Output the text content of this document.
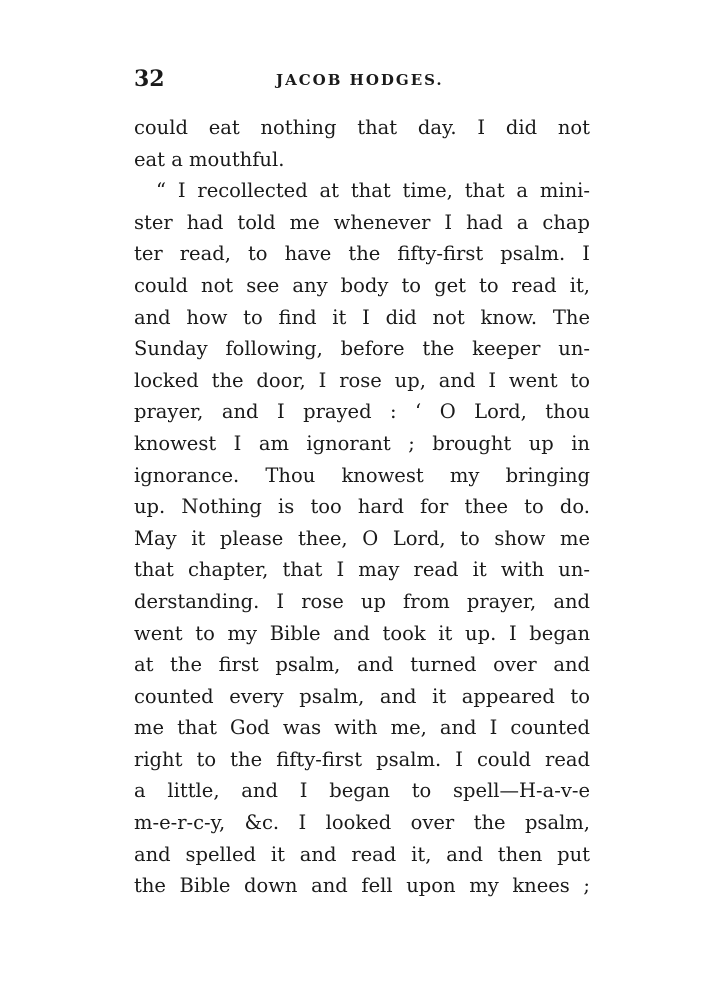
32	JACOB HODGES.
could eat nothing that day. I did not
eat a mouthful.
“ I recollected at that time, that a mini-
ster had told me whenever I had a chap
ter read, to have the fifty-first psalm. I
could not see any body to get to read it,
and how to find it I did not know. The
Sunday following, before the keeper un-
locked the door, I rose up, and I went to
prayer, and I prayed : ‘ O Lord, thou
knowest I am ignorant ; brought up in
ignorance. Thou knowest my bringing
up. Nothing is too hard for thee to do.
May it please thee, O Lord, to show me
that chapter, that I may read it with un-
derstanding. I rose up from prayer, and
went to my Bible and took it up. I began
at the first psalm, and turned over and
counted every psalm, and it appeared to
me that God was with me, and I counted
right to the fifty-first psalm. I could read
a little, and I began to spell—H-a-v-e
m-e-r-c-y, &c. I looked over the psalm,
and spelled it and read it, and then put
the Bible down and fell upon my knees ;
